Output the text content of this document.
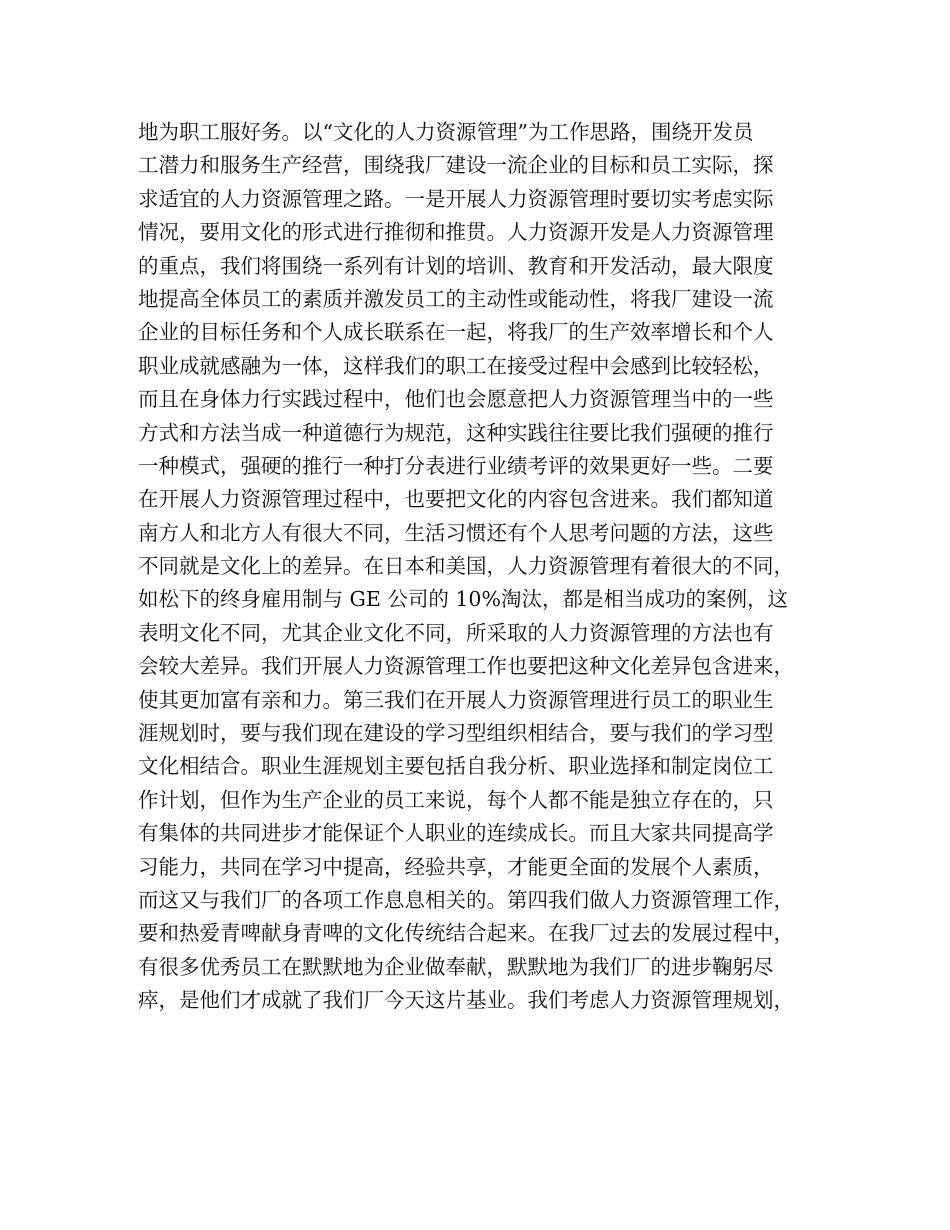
地为职工服好务。以“文化的人力资源管理”为工作思路，围绕开发员
工潜力和服务生产经营，围绕我厂建设一流企业的目标和员工实际，探
求适宜的人力资源管理之路。一是开展人力资源管理时要切实考虑实际
情况，要用文化的形式进行推彻和推贯。人力资源开发是人力资源管理
的重点，我们将围绕一系列有计划的培训、教育和开发活动，最大限度
地提高全体员工的素质并激发员工的主动性或能动性，将我厂建设一流
企业的目标任务和个人成长联系在一起，将我厂的生产效率增长和个人
职业成就感融为一体，这样我们的职工在接受过程中会感到比较轻松，
而且在身体力行实践过程中，他们也会愿意把人力资源管理当中的一些
方式和方法当成一种道德行为规范，这种实践往往要比我们强硬的推行
一种模式，强硬的推行一种打分表进行业绩考评的效果更好一些。二要
在开展人力资源管理过程中，也要把文化的内容包含进来。我们都知道
南方人和北方人有很大不同，生活习惯还有个人思考问题的方法，这些
不同就是文化上的差异。在日本和美国，人力资源管理有着很大的不同，
如松下的终身雇用制与 GE 公司的 10%淘汰，都是相当成功的案例，这
表明文化不同，尤其企业文化不同，所采取的人力资源管理的方法也有
会较大差异。我们开展人力资源管理工作也要把这种文化差异包含进来，
使其更加富有亲和力。第三我们在开展人力资源管理进行员工的职业生
涯规划时，要与我们现在建设的学习型组织相结合，要与我们的学习型
文化相结合。职业生涯规划主要包括自我分析、职业选择和制定岗位工
作计划，但作为生产企业的员工来说，每个人都不能是独立存在的，只
有集体的共同进步才能保证个人职业的连续成长。而且大家共同提高学
习能力，共同在学习中提高，经验共享，才能更全面的发展个人素质，
而这又与我们厂的各项工作息息相关的。第四我们做人力资源管理工作，
要和热爱青啤献身青啤的文化传统结合起来。在我厂过去的发展过程中，
有很多优秀员工在默默地为企业做奉献，默默地为我们厂的进步鞠躬尽
瘁，是他们才成就了我们厂今天这片基业。我们考虑人力资源管理规划，
